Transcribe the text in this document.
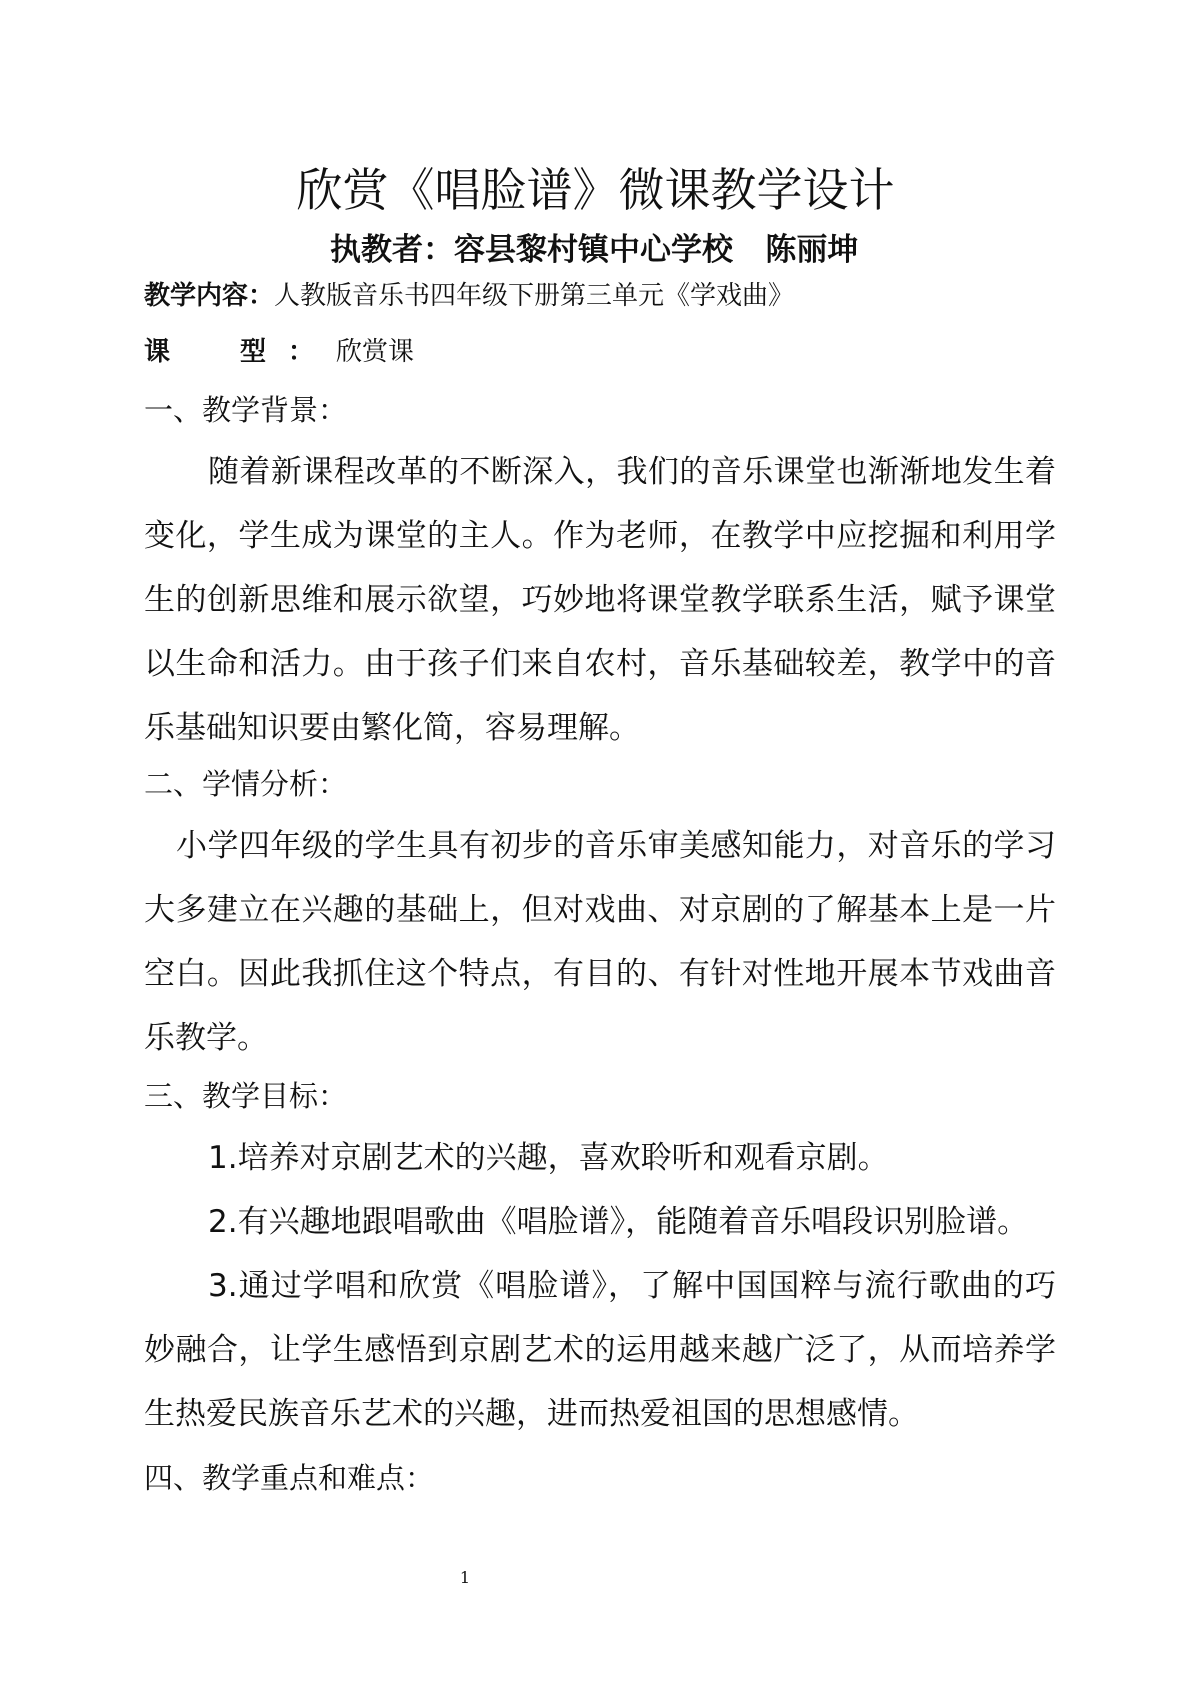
欣赏《唱脸谱》微课教学设计
执教者：容县黎村镇中心学校   陈丽坤
教学内容：人教版音乐书四年级下册第三单元《学戏曲》
课　型：欣赏课
一、教学背景：

随着新课程改革的不断深入，我们的音乐课堂也渐渐地发生着变化，学生成为课堂的主人。作为老师，在教学中应挖掘和利用学生的创新思维和展示欲望，巧妙地将课堂教学联系生活，赋予课堂以生命和活力。由于孩子们来自农村，音乐基础较差，教学中的音乐基础知识要由繁化简，容易理解。

二、学情分析：

小学四年级的学生具有初步的音乐审美感知能力，对音乐的学习大多建立在兴趣的基础上，但对戏曲、对京剧的了解基本上是一片空白。因此我抓住这个特点，有目的、有针对性地开展本节戏曲音乐教学。

三、教学目标：

1.培养对京剧艺术的兴趣，喜欢聆听和观看京剧。

2.有兴趣地跟唱歌曲《唱脸谱》，能随着音乐唱段识别脸谱。

3.通过学唱和欣赏《唱脸谱》，了解中国国粹与流行歌曲的巧妙融合，让学生感悟到京剧艺术的运用越来越广泛了，从而培养学生热爱民族音乐艺术的兴趣，进而热爱祖国的思想感情。

四、教学重点和难点：
1
